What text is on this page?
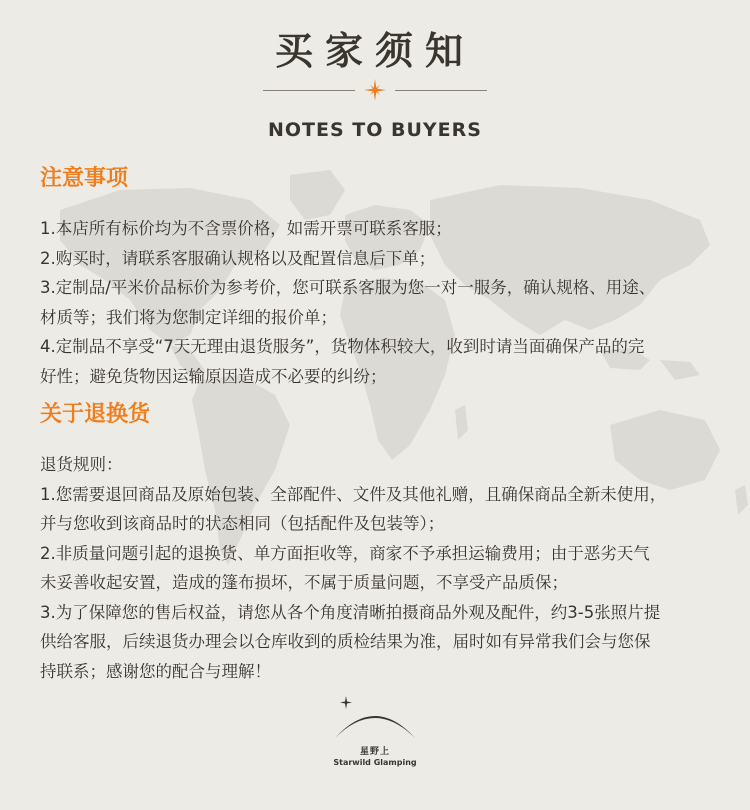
买家须知
NOTES TO BUYERS
注意事项
1.本店所有标价均为不含票价格，如需开票可联系客服；
2.购买时，请联系客服确认规格以及配置信息后下单；
3.定制品/平米价品标价为参考价，您可联系客服为您一对一服务，确认规格、用途、
材质等；我们将为您制定详细的报价单；
4.定制品不享受“7天无理由退货服务”，货物体积较大，收到时请当面确保产品的完
好性；避免货物因运输原因造成不必要的纠纷；
关于退换货
退货规则：
1.您需要退回商品及原始包装、全部配件、文件及其他礼赠，且确保商品全新未使用，
并与您收到该商品时的状态相同（包括配件及包装等）；
2.非质量问题引起的退换货、单方面拒收等，商家不予承担运输费用；由于恶劣天气
未妥善收起安置，造成的篷布损坏，不属于质量问题，不享受产品质保；
3.为了保障您的售后权益，请您从各个角度清晰拍摄商品外观及配件，约3-5张照片提
供给客服，后续退货办理会以仓库收到的质检结果为准，届时如有异常我们会与您保
持联系；感谢您的配合与理解！
星野上
Starwild Glamping
